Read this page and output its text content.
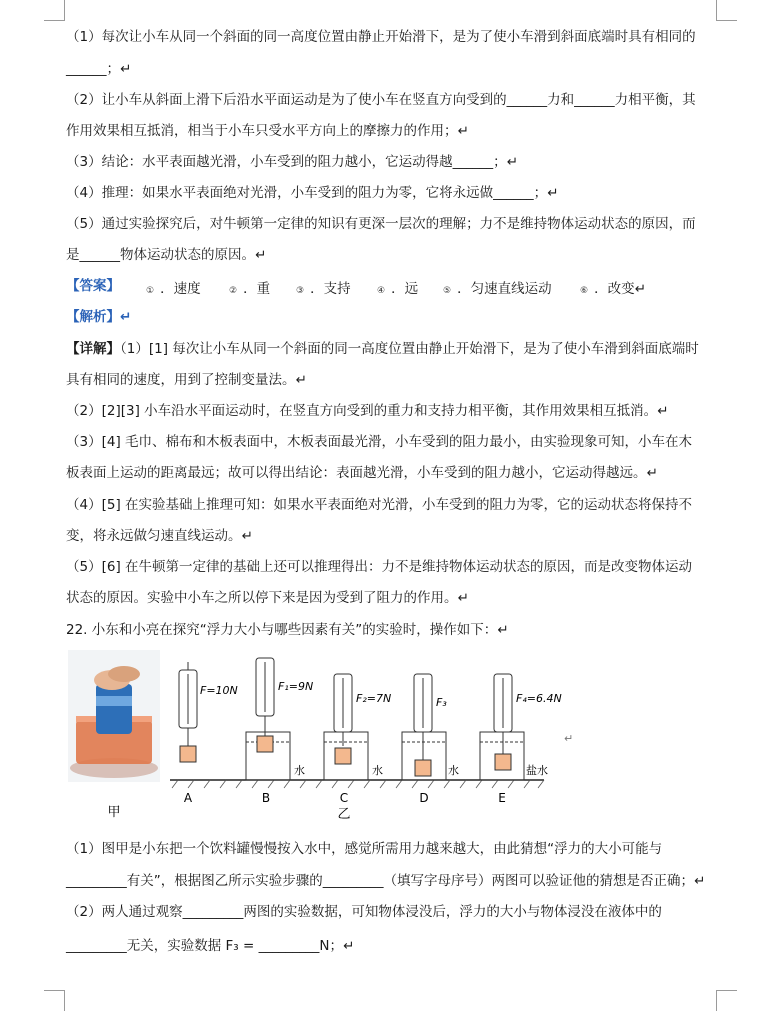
（1）每次让小车从同一个斜面的同一高度位置由静止开始滑下，是为了使小车滑到斜面底端时具有相同的
______；↵
（2）让小车从斜面上滑下后沿水平面运动是为了使小车在竖直方向受到的______力和______力相平衡，其
作用效果相互抵消，相当于小车只受水平方向上的摩擦力的作用；↵
（3）结论：水平表面越光滑，小车受到的阻力越小，它运动得越______；↵
（4）推理：如果水平表面绝对光滑，小车受到的阻力为零，它将永远做______；↵
（5）通过实验探究后，对牛顿第一定律的知识有更深一层次的理解；力不是维持物体运动状态的原因，而
是______物体运动状态的原因。↵
【答案】	① ．速度	② ．重	③ ．支持	④ ．远	⑤ ．匀速直线运动	⑥ ．改变↵
【解析】↵
【详解】（1）[1] 每次让小车从同一个斜面的同一高度位置由静止开始滑下，是为了使小车滑到斜面底端时
具有相同的速度，用到了控制变量法。↵
（2）[2][3] 小车沿水平面运动时，在竖直方向受到的重力和支持力相平衡，其作用效果相互抵消。↵
（3）[4] 毛巾、棉布和木板表面中，木板表面最光滑，小车受到的阻力最小，由实验现象可知，小车在木
板表面上运动的距离最远；故可以得出结论：表面越光滑，小车受到的阻力越小，它运动得越远。↵
（4）[5] 在实验基础上推理可知：如果水平表面绝对光滑，小车受到的阻力为零，它的运动状态将保持不
变，将永远做匀速直线运动。↵
（5）[6] 在牛顿第一定律的基础上还可以推理得出：力不是维持物体运动状态的原因，而是改变物体运动
状态的原因。实验中小车之所以停下来是因为受到了阻力的作用。↵
22. 小东和小亮在探究“浮力大小与哪些因素有关”的实验时，操作如下：↵
甲
F=10N
A
F₁=9N
水
B
F₂=7N
水
C
乙
F₃
水
D
F₄=6.4N
盐水
E
↵
（1）图甲是小东把一个饮料罐慢慢按入水中，感觉所需用力越来越大，由此猜想“浮力的大小可能与
_________有关”，根据图乙所示实验步骤的_________（填写字母序号）两图可以验证他的猜想是否正确；↵
（2）两人通过观察_________两图的实验数据，可知物体浸没后，浮力的大小与物体浸没在液体中的
_________无关，实验数据 F₃ = _________N；↵
